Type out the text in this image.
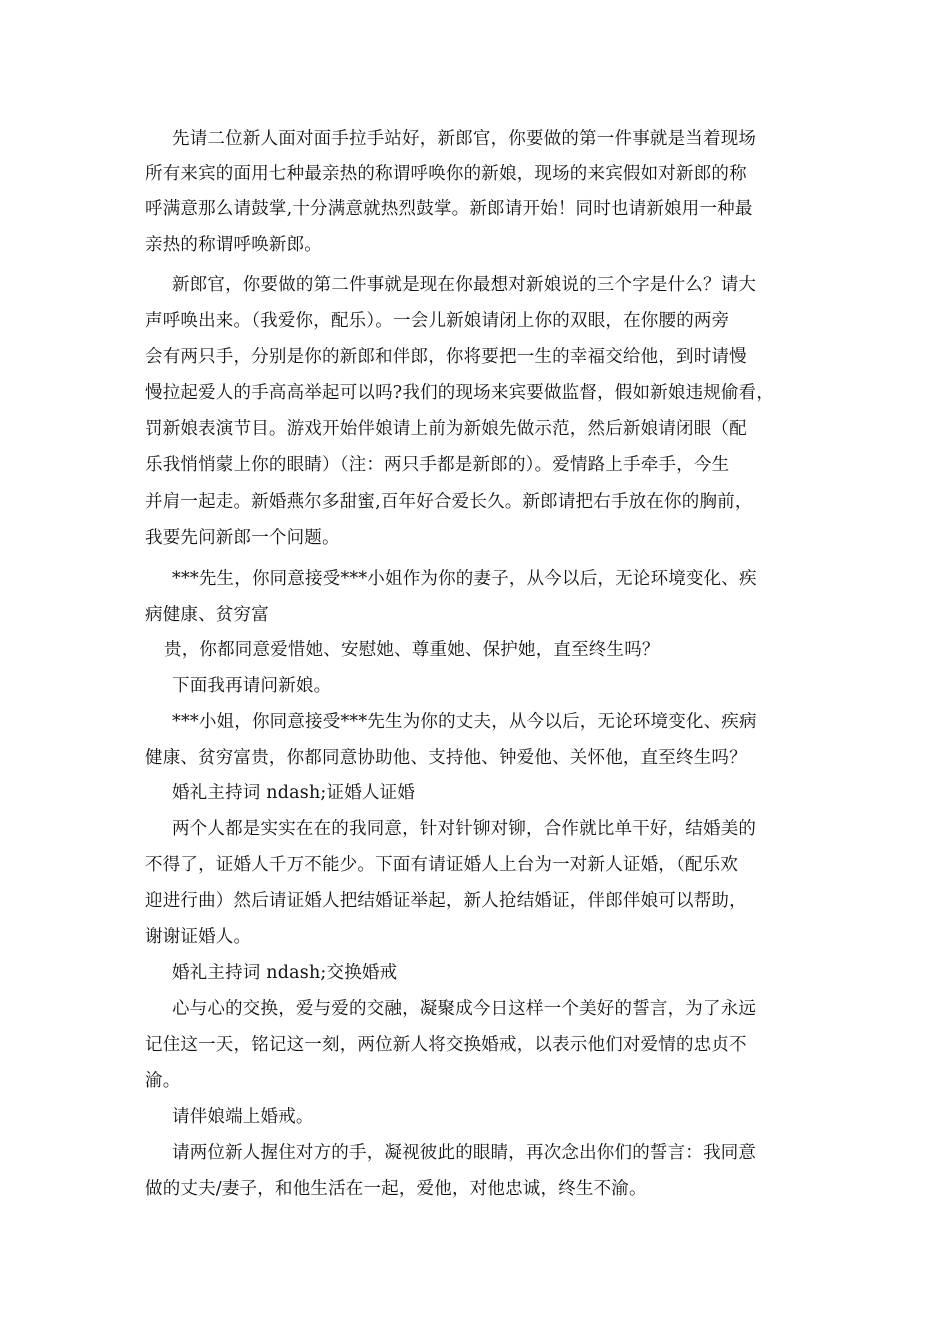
先请二位新人面对面手拉手站好，新郎官，你要做的第一件事就是当着现场
所有来宾的面用七种最亲热的称谓呼唤你的新娘，现场的来宾假如对新郎的称
呼满意那么请鼓掌,十分满意就热烈鼓掌。新郎请开始！同时也请新娘用一种最
亲热的称谓呼唤新郎。
新郎官，你要做的第二件事就是现在你最想对新娘说的三个字是什么？请大
声呼唤出来。（我爱你，配乐）。一会儿新娘请闭上你的双眼，在你腰的两旁
会有两只手，分别是你的新郎和伴郎，你将要把一生的幸福交给他，到时请慢
慢拉起爱人的手高高举起可以吗?我们的现场来宾要做监督，假如新娘违规偷看，
罚新娘表演节目。游戏开始伴娘请上前为新娘先做示范，然后新娘请闭眼（配
乐我悄悄蒙上你的眼睛）（注：两只手都是新郎的）。爱情路上手牵手，今生
并肩一起走。新婚燕尔多甜蜜,百年好合爱长久。新郎请把右手放在你的胸前，
我要先问新郎一个问题。
***先生，你同意接受***小姐作为你的妻子，从今以后，无论环境变化、疾
病健康、贫穷富
贵，你都同意爱惜她、安慰她、尊重她、保护她，直至终生吗？
下面我再请问新娘。
***小姐，你同意接受***先生为你的丈夫，从今以后，无论环境变化、疾病
健康、贫穷富贵，你都同意协助他、支持他、钟爱他、关怀他，直至终生吗？
婚礼主持词 ndash;证婚人证婚
两个人都是实实在在的我同意，针对针铆对铆，合作就比单干好，结婚美的
不得了，证婚人千万不能少。下面有请证婚人上台为一对新人证婚，（配乐欢
迎进行曲）然后请证婚人把结婚证举起，新人抢结婚证，伴郎伴娘可以帮助，
谢谢证婚人。
婚礼主持词 ndash;交换婚戒
心与心的交换，爱与爱的交融，凝聚成今日这样一个美好的誓言，为了永远
记住这一天，铭记这一刻，两位新人将交换婚戒，以表示他们对爱情的忠贞不
渝。
请伴娘端上婚戒。
请两位新人握住对方的手，凝视彼此的眼睛，再次念出你们的誓言：我同意
做的丈夫/妻子，和他生活在一起，爱他，对他忠诚，终生不渝。
